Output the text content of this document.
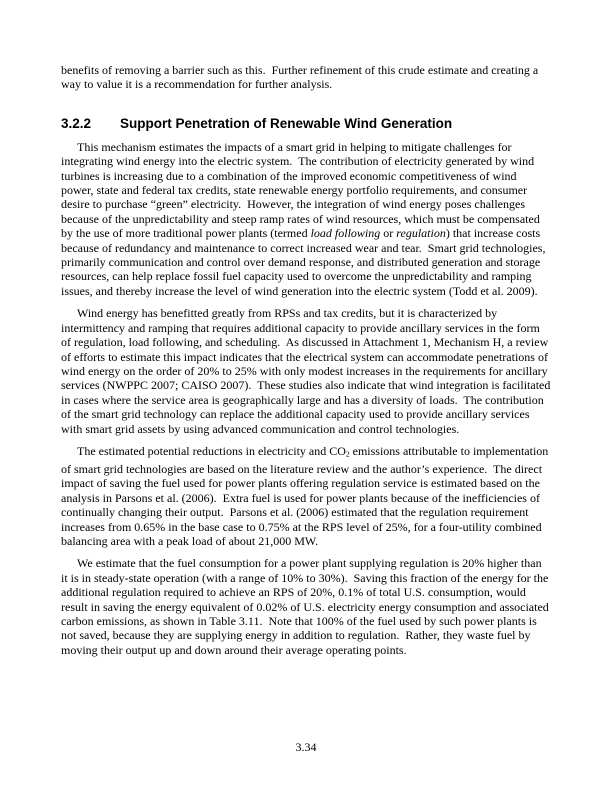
benefits of removing a barrier such as this.  Further refinement of this crude estimate and creating a way to value it is a recommendation for further analysis.

3.2.2	Support Penetration of Renewable Wind Generation

This mechanism estimates the impacts of a smart grid in helping to mitigate challenges for integrating wind energy into the electric system.  The contribution of electricity generated by wind turbines is increasing due to a combination of the improved economic competitiveness of wind power, state and federal tax credits, state renewable energy portfolio requirements, and consumer desire to purchase “green” electricity.  However, the integration of wind energy poses challenges because of the unpredictability and steep ramp rates of wind resources, which must be compensated by the use of more traditional power plants (termed load following or regulation) that increase costs because of redundancy and maintenance to correct increased wear and tear.  Smart grid technologies, primarily communication and control over demand response, and distributed generation and storage resources, can help replace fossil fuel capacity used to overcome the unpredictability and ramping issues, and thereby increase the level of wind generation into the electric system (Todd et al. 2009).

Wind energy has benefitted greatly from RPSs and tax credits, but it is characterized by intermittency and ramping that requires additional capacity to provide ancillary services in the form of regulation, load following, and scheduling.  As discussed in Attachment 1, Mechanism H, a review of efforts to estimate this impact indicates that the electrical system can accommodate penetrations of wind energy on the order of 20% to 25% with only modest increases in the requirements for ancillary services (NWPPC 2007; CAISO 2007).  These studies also indicate that wind integration is facilitated in cases where the service area is geographically large and has a diversity of loads.  The contribution of the smart grid technology can replace the additional capacity used to provide ancillary services with smart grid assets by using advanced communication and control technologies.

The estimated potential reductions in electricity and CO2 emissions attributable to implementation of smart grid technologies are based on the literature review and the author’s experience.  The direct impact of saving the fuel used for power plants offering regulation service is estimated based on the analysis in Parsons et al. (2006).  Extra fuel is used for power plants because of the inefficiencies of continually changing their output.  Parsons et al. (2006) estimated that the regulation requirement increases from 0.65% in the base case to 0.75% at the RPS level of 25%, for a four-utility combined balancing area with a peak load of about 21,000 MW.

We estimate that the fuel consumption for a power plant supplying regulation is 20% higher than it is in steady-state operation (with a range of 10% to 30%).  Saving this fraction of the energy for the additional regulation required to achieve an RPS of 20%, 0.1% of total U.S. consumption, would result in saving the energy equivalent of 0.02% of U.S. electricity energy consumption and associated carbon emissions, as shown in Table 3.11.  Note that 100% of the fuel used by such power plants is not saved, because they are supplying energy in addition to regulation.  Rather, they waste fuel by moving their output up and down around their average operating points.

3.34
